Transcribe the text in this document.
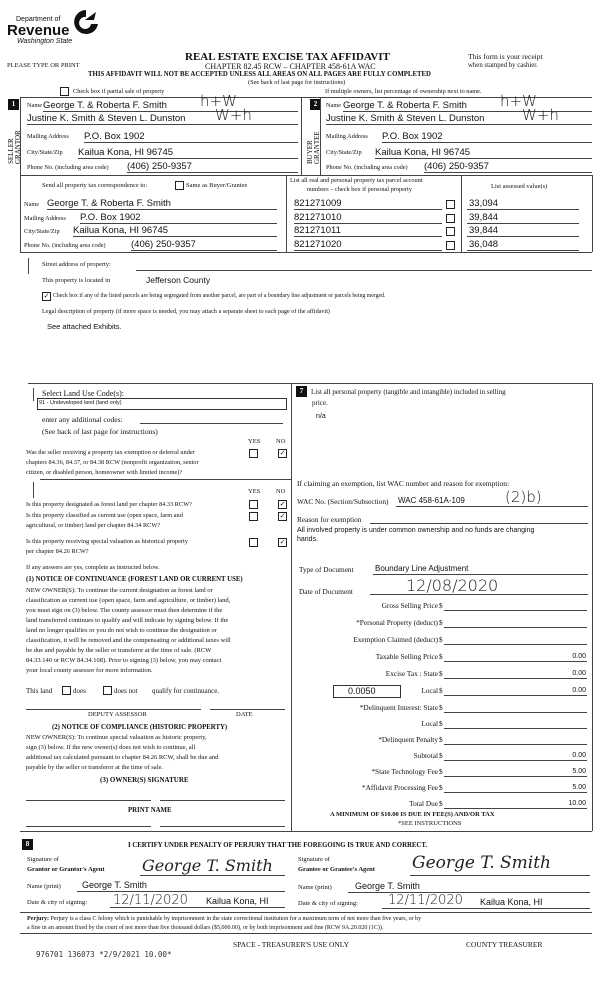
Department of
Revenue
Washington State
PLEASE TYPE OR PRINT
REAL ESTATE EXCISE TAX AFFIDAVIT
CHAPTER 82.45 RCW – CHAPTER 458-61A WAC
THIS AFFIDAVIT WILL NOT BE ACCEPTED UNLESS ALL AREAS ON ALL PAGES ARE FULLY COMPLETED
(See back of last page for instructions)
This form is your receipt
when stamped by cashier.
Check box if partial sale of property	If multiple owners, list percentage of ownership next to name.
1
SELLER GRANTOR
Name George T. & Roberta F. Smith h+W
Justine K. Smith & Steven L. Dunston W+h
Mailing Address P.O. Box 1902
City/State/Zip Kailua Kona, HI 96745
Phone No. (including area code) (406) 250-9357
2
BUYER GRANTEE
Name George T. & Roberta F. Smith h+W
Justine K. Smith & Steven L. Dunston	W+h
Mailing Address P.O. Box 1902
City/State/Zip Kailua Kona, HI 96745
Phone No. (including area code) (406) 250-9357
Send all property tax correspondence to:	Same as Buyer/Grantee
Name George T. & Roberta F. Smith
Mailing Address P.O. Box 1902
City/State/Zip Kailua Kona, HI 96745
Phone No. (including area code)	(406) 250-9357
List all real and personal property tax parcel account
numbers – check box if personal property	List assessed value(s)
821271009	33,094
821271010	39,844
821271011	39,844
821271020	36,048
Street address of property:
This property is located in	Jefferson County
✓ Check box if any of the listed parcels are being segregated from another parcel, are part of a boundary line adjustment or parcels being merged.
Legal description of property (if more space is needed, you may attach a separate sheet to each page of the affidavit)
See attached Exhibits.
Select Land Use Code(s):
91 - Undeveloped land (land only)
enter any additional codes:
(See back of last page for instructions)
YES NO
Was the seller receiving a property tax exemption or deferral under
chapters 84.36, 84.37, or 84.38 RCW (nonprofit organization, senior
citizen, or disabled person, homeowner with limited income)?
✓
YES NO
Is this property designated as forest land per chapter 84.33 RCW?	✓
Is this property classified as current use (open space, farm and
agricultural, or timber) land per chapter 84.34 RCW?
✓
Is this property receiving special valuation as historical property
per chapter 84.26 RCW?
✓
If any answers are yes, complete as instructed below.
(1) NOTICE OF CONTINUANCE (FOREST LAND OR CURRENT USE)
NEW OWNER(S): To continue the current designation as forest land or
classification as current use (open space, farm and agriculture, or timber) land,
you must sign on (3) below. The county assessor must then determine if the
land transferred continues to qualify and will indicate by signing below. If the
land no longer qualifies or you do not wish to continue the designation or
classification, it will be removed and the compensating or additional taxes will
be due and payable by the seller or transferor at the time of sale. (RCW
84.33.140 or RCW 84.34.108). Prior to signing (3) below, you may contact
your local county assessor for more information.
This land	does	does not qualify for continuance.
DEPUTY ASSESSOR	DATE
(2) NOTICE OF COMPLIANCE (HISTORIC PROPERTY)
NEW OWNER(S): To continue special valuation as historic property,
sign (3) below. If the new owner(s) does not wish to continue, all
additional tax calculated pursuant to chapter 84.26 RCW, shall be due and
payable by the seller or transferor at the time of sale.
(3) OWNER(S) SIGNATURE
PRINT NAME
7	List all personal property (tangible and intangible) included in selling
price.
n/a
If claiming an exemption, list WAC number and reason for exemption:
WAC No. (Section/Subsection) WAC 458-61A-109	(2)b)
Reason for exemption
All involved property is under common ownership and no funds are changing
hands.
Type of Document	Boundary Line Adjustment
Date of Document	12/08/2020
Gross Selling Price $
*Personal Property (deduct) $
Exemption Claimed (deduct) $
Taxable Selling Price $	0.00
Excise Tax : State $	0.00
Local $	0.00
*Delinquent Interest: State $
Local $
*Delinquent Penalty $
Subtotal $	0.00
*State Technology Fee $	5.00
*Affidavit Processing Fee $	5.00
Total Due $	10.00
0.0050
A MINIMUM OF $10.00 IS DUE IN FEE(S) AND/OR TAX
*SEE INSTRUCTIONS
8	I CERTIFY UNDER PENALTY OF PERJURY THAT THE FOREGOING IS TRUE AND CORRECT.
Signature of
Grantor or Grantor's Agent George T. Smith
Name (print) George T. Smith
Date & city of signing: 12/11/2020 Kailua Kona, HI
Signature of
Grantee or Grantee's Agent George T. Smith
Name (print)	George T. Smith
Date & city of signing: 12/11/2020 Kailua Kona, HI
Perjury: Perjury is a class C felony which is punishable by imprisonment in the state correctional institution for a maximum term of not more than five years, or by
a fine in an amount fixed by the court of not more than five thousand dollars ($5,000.00), or by both imprisonment and fine (RCW 9A.20.020 (1C)).
SPACE - TREASURER'S USE ONLY	COUNTY TREASURER
976701 136073 *2/9/2021 10.00*
